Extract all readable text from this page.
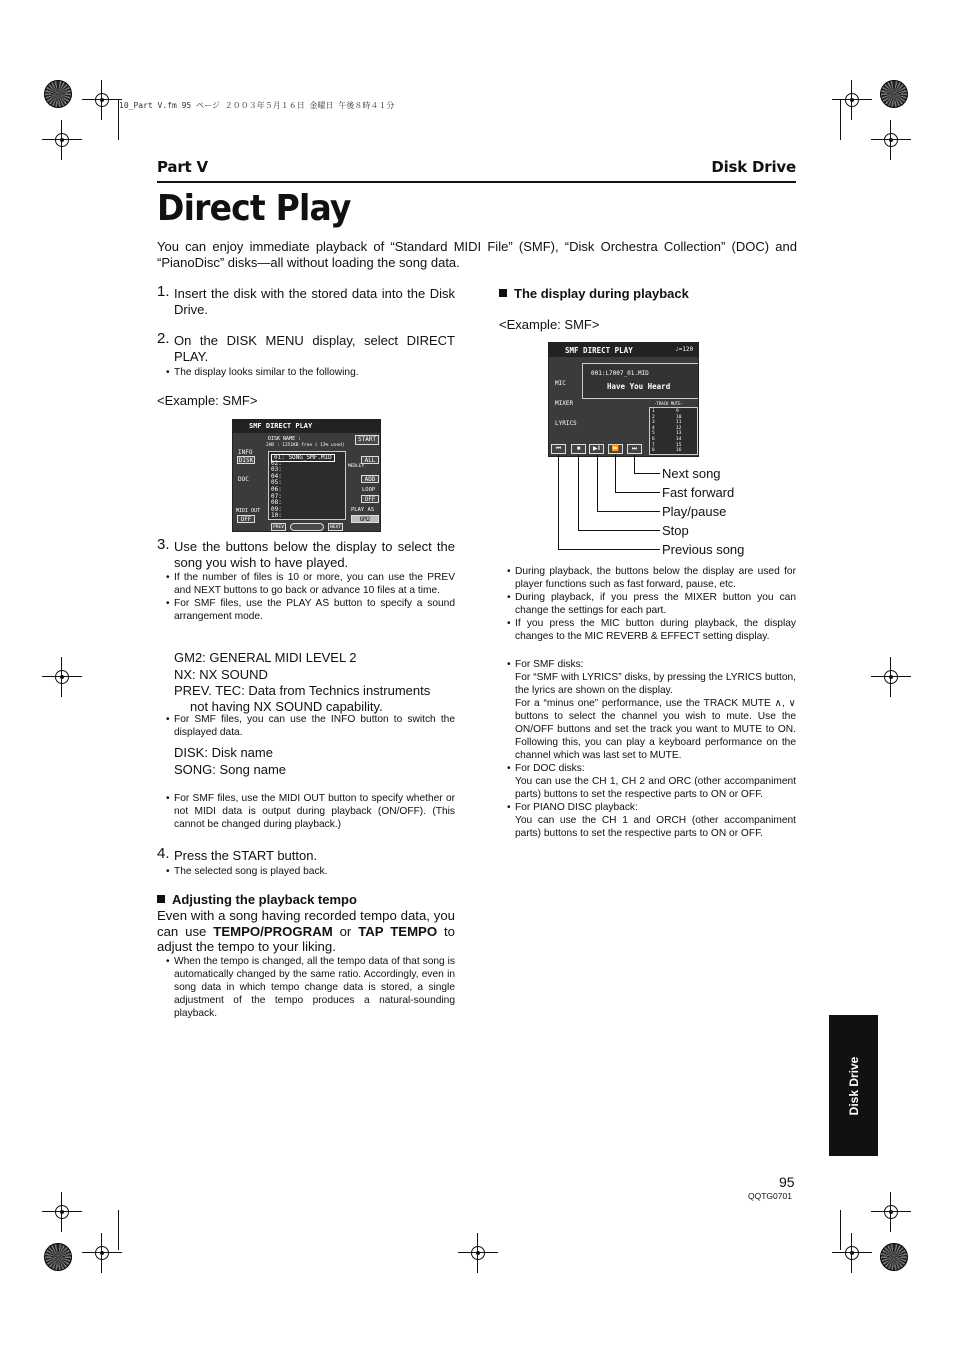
10_Part V.fm 95 ページ ２００３年５月１６日 金曜日 午後８時４１分
Part V	Disk Drive
Direct Play
You can enjoy immediate playback of “Standard MIDI File” (SMF), “Disk Orchestra Collection” (DOC) and “PianoDisc” disks—all without loading the song data.
1. Insert the disk with the stored data into the Disk Drive.
2. On the DISK MENU display, select DIRECT PLAY.
• The display looks similar to the following.
<Example: SMF>
SMF DIRECT PLAY
DISK NAME :
2HD : 1251KB free ( 13% used)
START
INFO
DISK
DOC
MIDI OUT
OFF
01: SONG_SMF.MID
02:
03:
04:
05:
06:
07:
08:
09:
10:
MEDLEY
ALL
ADD
LOOP
OFF
PLAY AS
GM2
PREV	NEXT
3. Use the buttons below the display to select the song you wish to have played.
• If the number of files is 10 or more, you can use the PREV and NEXT buttons to go back or advance 10 files at a time.
• For SMF files, use the PLAY AS button to specify a sound arrangement mode.
GM2: GENERAL MIDI LEVEL 2
NX: NX SOUND
PREV. TEC: Data from Technics instruments
not having NX SOUND capability.
• For SMF files, you can use the INFO button to switch the displayed data.
DISK: Disk name
SONG: Song name
• For SMF files, use the MIDI OUT button to specify whether or not MIDI data is output during playback (ON/OFF). (This cannot be changed during playback.)
4. Press the START button.
• The selected song is played back.
Adjusting the playback tempo
Even with a song having recorded tempo data, you can use TEMPO/PROGRAM or TAP TEMPO to adjust the tempo to your liking.
• When the tempo is changed, all the tempo data of that song is automatically changed by the same ratio. Accordingly, even in song data in which tempo change data is stored, a single adjustment of the tempo produces a natural-sounding playback.
The display during playback
<Example: SMF>
SMF DIRECT PLAY	♩=120
001:L7007_01.MID
Have You Heard
MIC
MIXER
LYRICS
-TRACK MUTE-
1
2
3
4
5
6
7
8
9
10
11
12
13
14
15
16
⏮	■	▶‖	⏩	⏭
Next song
Fast forward
Play/pause
Stop
Previous song
• During playback, the buttons below the display are used for player functions such as fast forward, pause, etc.
• During playback, if you press the MIXER button you can change the settings for each part.
• If you press the MIC button during playback, the display changes to the MIC REVERB & EFFECT setting display.
• For SMF disks:
For “SMF with LYRICS” disks, by pressing the LYRICS button, the lyrics are shown on the display.
For a “minus one” performance, use the TRACK MUTE ∧, ∨ buttons to select the channel you wish to mute. Use the ON/OFF buttons and set the track you want to MUTE to ON. Following this, you can play a keyboard performance on the channel which was last set to MUTE.
• For DOC disks:
You can use the CH 1, CH 2 and ORC (other accompaniment parts) buttons to set the respective parts to ON or OFF.
• For PIANO DISC playback:
You can use the CH 1 and ORCH (other accompaniment parts) buttons to set the respective parts to ON or OFF.
Disk Drive
95
QQTG0701
